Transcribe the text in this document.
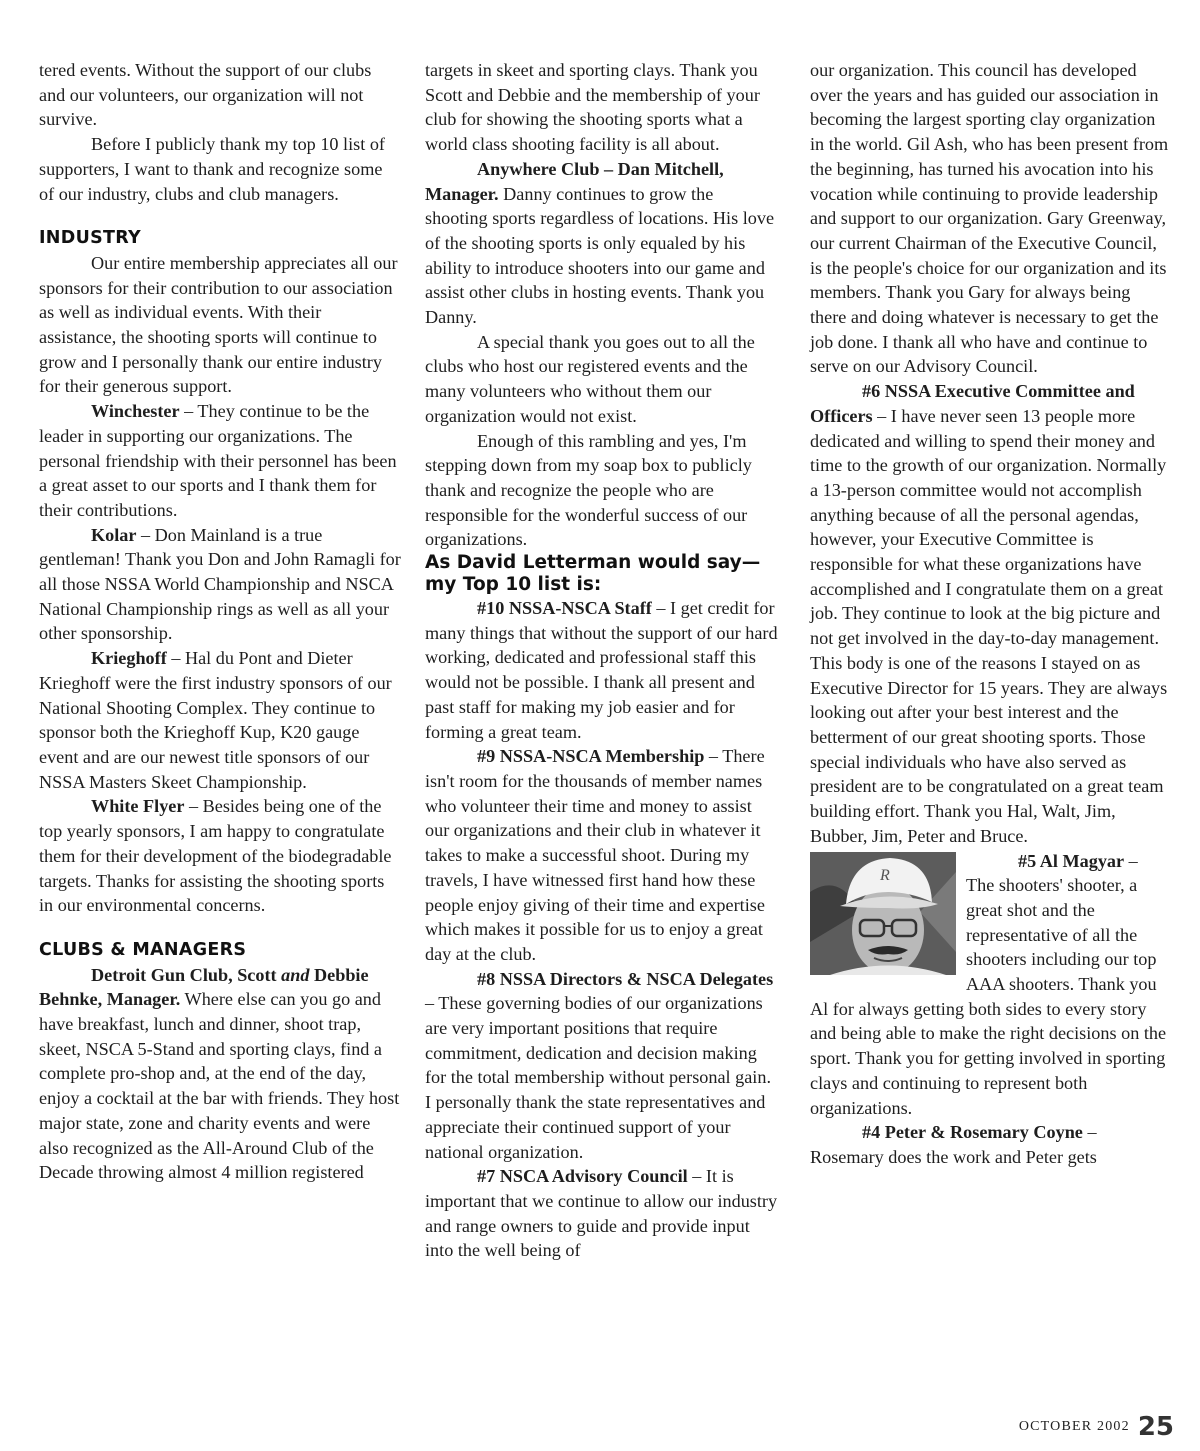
tered events. Without the support of our clubs and our volunteers, our organization will not survive.

Before I publicly thank my top 10 list of supporters, I want to thank and recognize some of our industry, clubs and club managers.

INDUSTRY

Our entire membership appreciates all our sponsors for their contribution to our association as well as individual events. With their assistance, the shooting sports will continue to grow and I personally thank our entire industry for their generous support.

Winchester – They continue to be the leader in supporting our organizations. The personal friendship with their personnel has been a great asset to our sports and I thank them for their contributions.

Kolar – Don Mainland is a true gentleman! Thank you Don and John Ramagli for all those NSSA World Championship and NSCA National Championship rings as well as all your other sponsorship.

Krieghoff – Hal du Pont and Dieter Krieghoff were the first industry sponsors of our National Shooting Complex. They continue to sponsor both the Krieghoff Kup, K20 gauge event and are our newest title sponsors of our NSSA Masters Skeet Championship.

White Flyer – Besides being one of the top yearly sponsors, I am happy to congratulate them for their development of the biodegradable targets. Thanks for assisting the shooting sports in our environmental concerns.

CLUBS & MANAGERS

Detroit Gun Club, Scott and Debbie Behnke, Manager. Where else can you go and have breakfast, lunch and dinner, shoot trap, skeet, NSCA 5-Stand and sporting clays, find a complete pro-shop and, at the end of the day, enjoy a cocktail at the bar with friends. They host major state, zone and charity events and were also recognized as the All-Around Club of the Decade throwing almost 4 million registered

targets in skeet and sporting clays. Thank you Scott and Debbie and the membership of your club for showing the shooting sports what a world class shooting facility is all about.

Anywhere Club – Dan Mitchell, Manager. Danny continues to grow the shooting sports regardless of locations. His love of the shooting sports is only equaled by his ability to introduce shooters into our game and assist other clubs in hosting events. Thank you Danny.

A special thank you goes out to all the clubs who host our registered events and the many volunteers who without them our organization would not exist.

Enough of this rambling and yes, I'm stepping down from my soap box to publicly thank and recognize the people who are responsible for the wonderful success of our organizations.

As David Letterman would say—my Top 10 list is:

#10 NSSA-NSCA Staff – I get credit for many things that without the support of our hard working, dedicated and professional staff this would not be possible. I thank all present and past staff for making my job easier and for forming a great team.

#9 NSSA-NSCA Membership – There isn't room for the thousands of member names who volunteer their time and money to assist our organizations and their club in whatever it takes to make a successful shoot. During my travels, I have witnessed first hand how these people enjoy giving of their time and expertise which makes it possible for us to enjoy a great day at the club.

#8 NSSA Directors & NSCA Delegates – These governing bodies of our organizations are very important positions that require commitment, dedication and decision making for the total membership without personal gain. I personally thank the state representatives and appreciate their continued support of your national organization.

#7 NSCA Advisory Council – It is important that we continue to allow our industry and range owners to guide and provide input into the well being of

our organization. This council has developed over the years and has guided our association in becoming the largest sporting clay organization in the world. Gil Ash, who has been present from the beginning, has turned his avocation into his vocation while continuing to provide leadership and support to our organization. Gary Greenway, our current Chairman of the Executive Council, is the people's choice for our organization and its members. Thank you Gary for always being there and doing whatever is necessary to get the job done. I thank all who have and continue to serve on our Advisory Council.

#6 NSSA Executive Committee and Officers – I have never seen 13 people more dedicated and willing to spend their money and time to the growth of our organization. Normally a 13-person committee would not accomplish anything because of all the personal agendas, however, your Executive Committee is responsible for what these organizations have accomplished and I congratulate them on a great job. They continue to look at the big picture and not get involved in the day-to-day management. This body is one of the reasons I stayed on as Executive Director for 15 years. They are always looking out after your best interest and the betterment of our great shooting sports. Those special individuals who have also served as president are to be congratulated on a great team building effort. Thank you Hal, Walt, Jim, Bubber, Jim, Peter and Bruce.

R

#5 Al Magyar – The shooters' shooter, a great shot and the representative of all the shooters including our top AAA shooters. Thank you Al for always getting both sides to every story and being able to make the right decisions on the sport. Thank you for getting involved in sporting clays and continuing to represent both organizations.

#4 Peter & Rosemary Coyne – Rosemary does the work and Peter gets

OCTOBER 2002 25
